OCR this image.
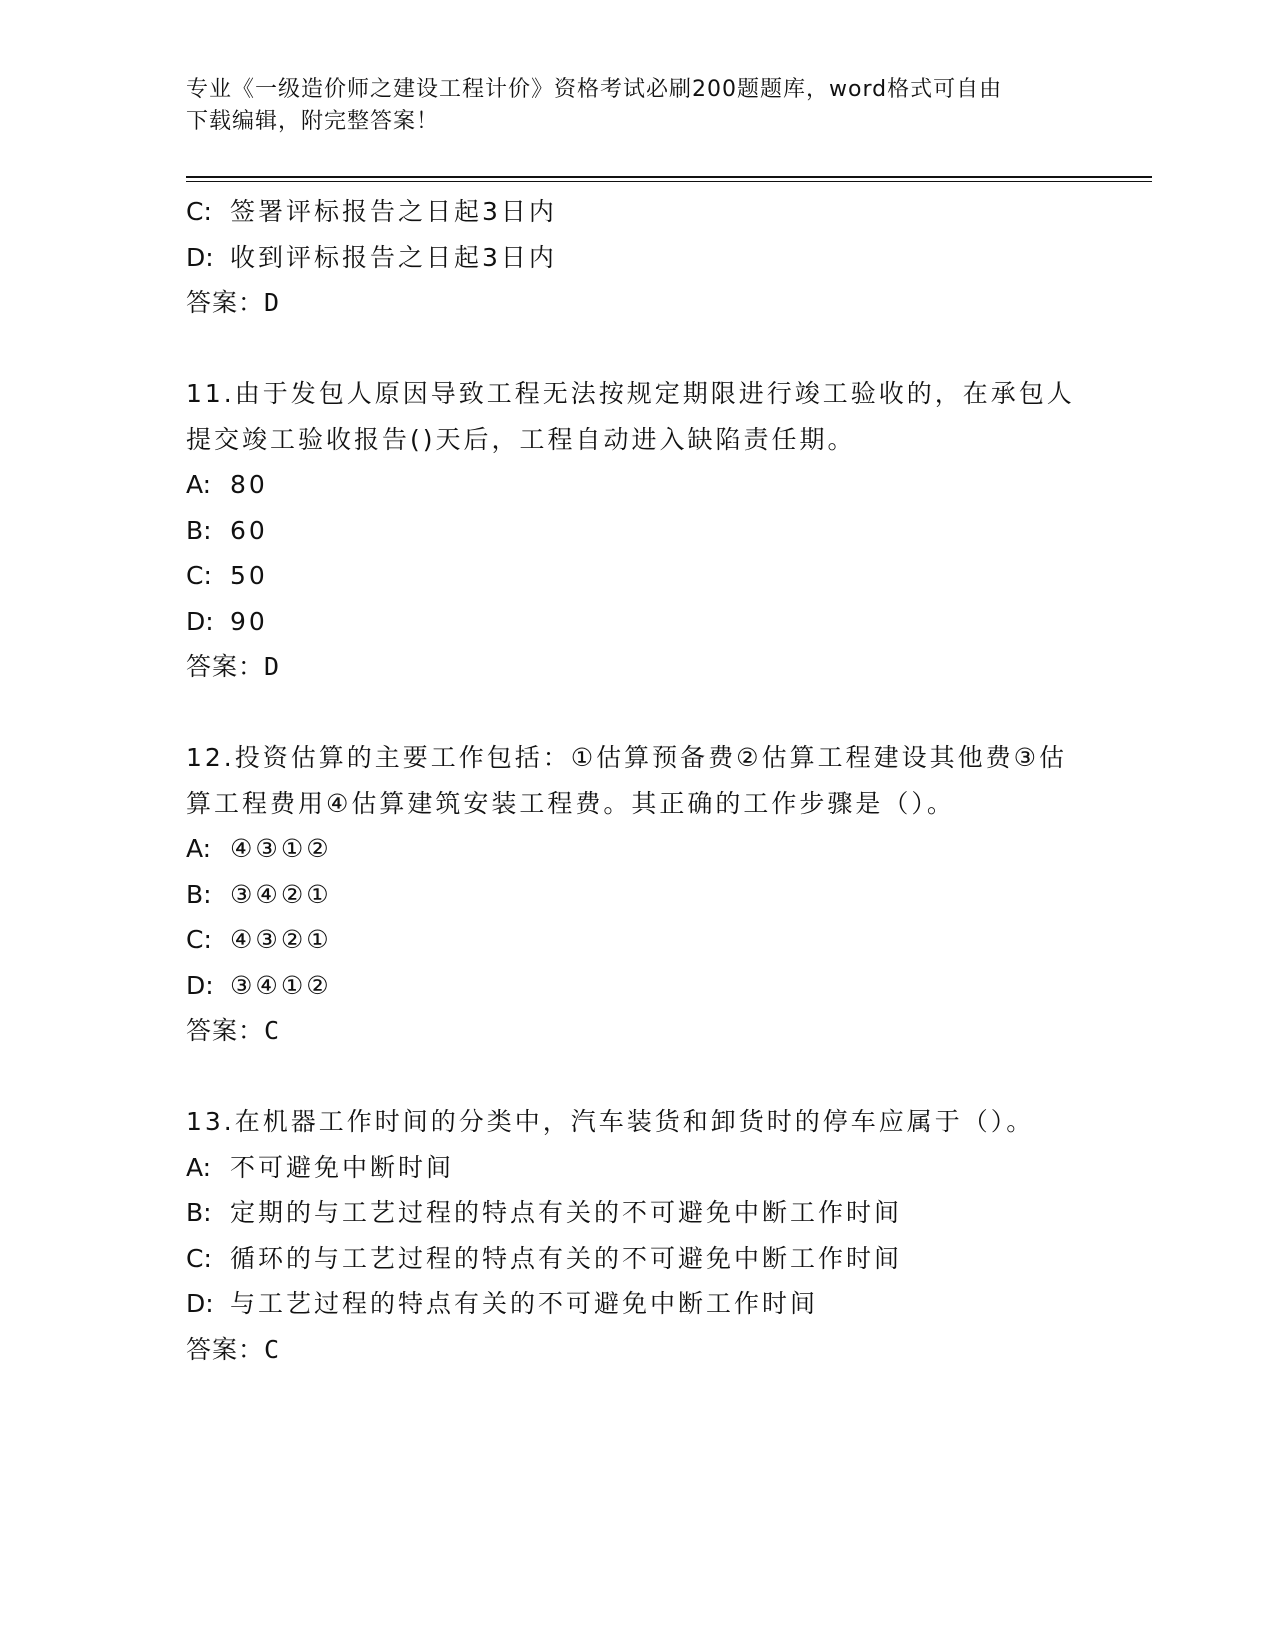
专业《一级造价师之建设工程计价》资格考试必刷200题题库，word格式可自由
下载编辑，附完整答案！
C: 签署评标报告之日起3日内
D: 收到评标报告之日起3日内
答案：D
11.由于发包人原因导致工程无法按规定期限进行竣工验收的，在承包人提交竣工验收报告()天后，工程自动进入缺陷责任期。
A: 80
B: 60
C: 50
D: 90
答案：D
12.投资估算的主要工作包括：①估算预备费②估算工程建设其他费③估算工程费用④估算建筑安装工程费。其正确的工作步骤是（）。
A: ④③①②
B: ③④②①
C: ④③②①
D: ③④①②
答案：C
13.在机器工作时间的分类中，汽车装货和卸货时的停车应属于（）。
A: 不可避免中断时间
B: 定期的与工艺过程的特点有关的不可避免中断工作时间
C: 循环的与工艺过程的特点有关的不可避免中断工作时间
D: 与工艺过程的特点有关的不可避免中断工作时间
答案：C
